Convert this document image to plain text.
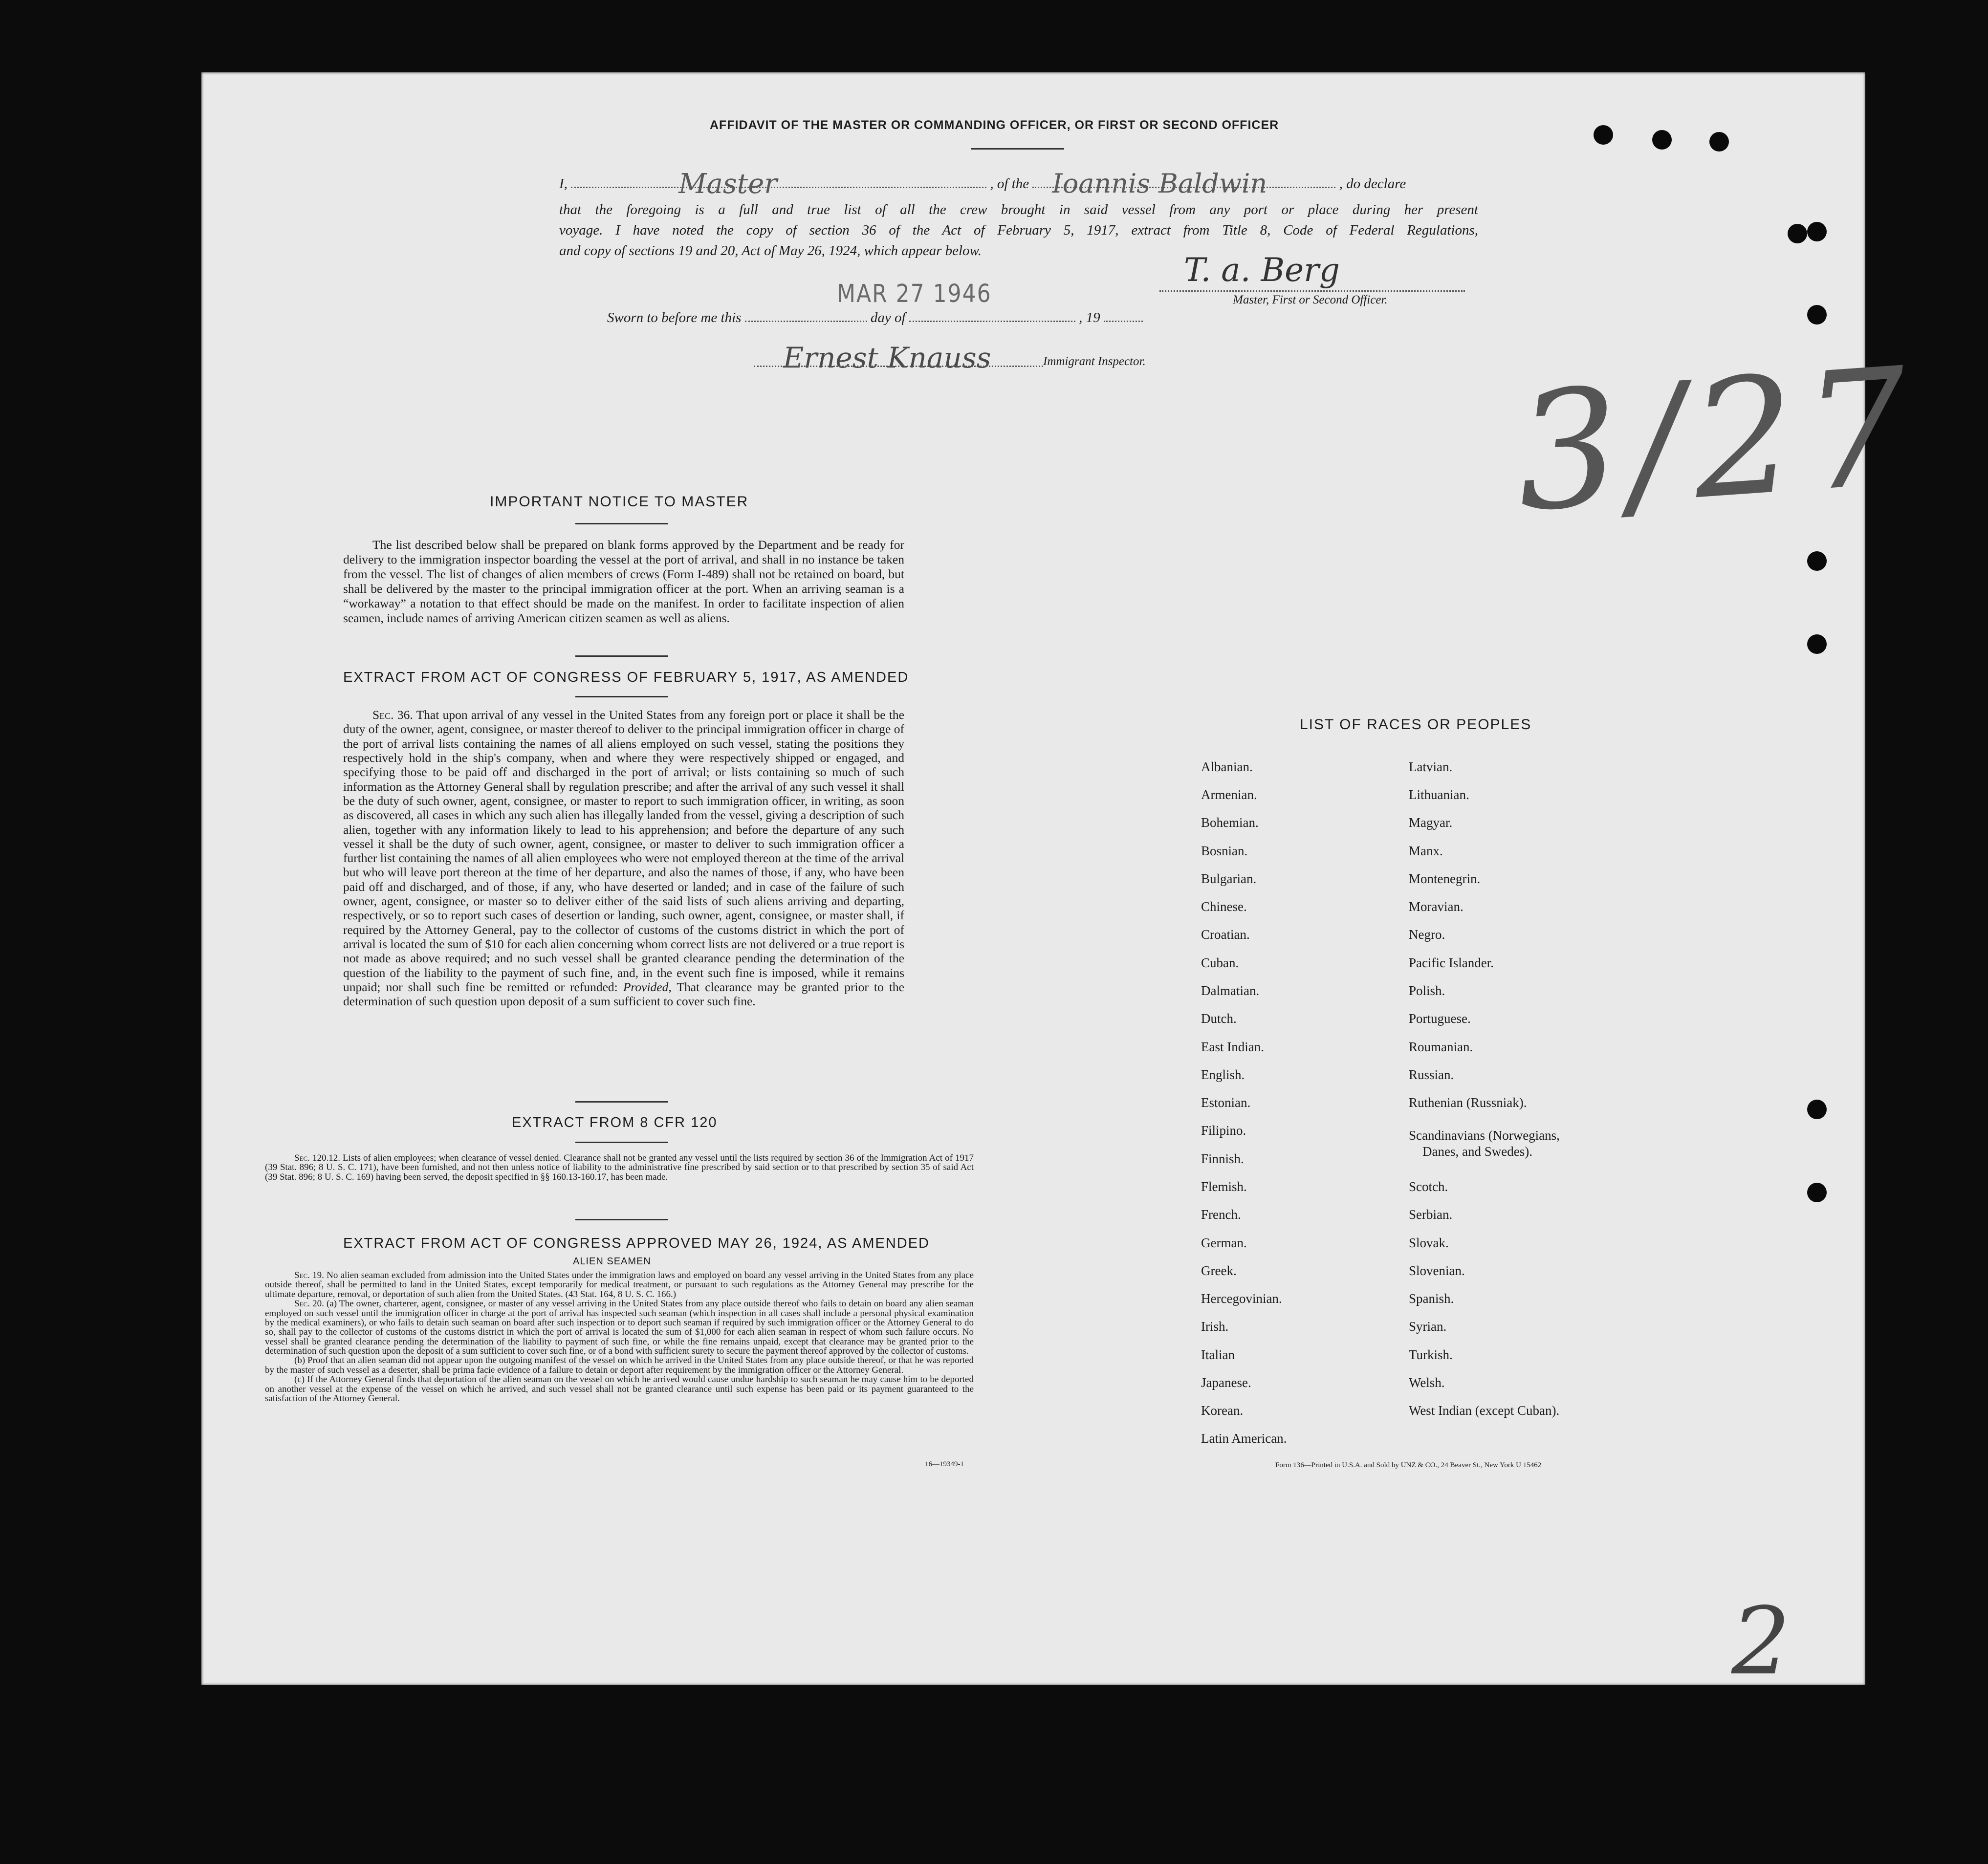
AFFIDAVIT OF THE MASTER OR COMMANDING OFFICER, OR FIRST OR SECOND OFFICER
I,	Master	, of the Ioannis Baldwin	, do declare
that the foregoing is a full and true list of all the crew brought in said vessel from any port or place during her present
voyage. I have noted the copy of section 36 of the Act of February 5, 1917, extract from Title 8, Code of Federal Regulations,
and copy of sections 19 and 20, Act of May 26, 1924, which appear below.
T. a. Berg
Master, First or Second Officer.
MAR 27 1946
Sworn to before me this	day of	, 19
Ernest Knauss	Immigrant Inspector. 3/27
IMPORTANT NOTICE TO MASTER
The list described below shall be prepared on blank forms approved by the Department and be ready for delivery to the immigration inspector boarding the vessel at the port of arrival, and shall in no instance be taken from the vessel. The list of changes of alien members of crews (Form I-489) shall not be retained on board, but shall be delivered by the master to the principal immigration officer at the port. When an arriving seaman is a “workaway” a notation to that effect should be made on the manifest. In order to facilitate inspection of alien seamen, include names of arriving American citizen seamen as well as aliens.
EXTRACT FROM ACT OF CONGRESS OF FEBRUARY 5, 1917, AS AMENDED
Sec. 36. That upon arrival of any vessel in the United States from any foreign port or place it shall be the duty of the owner, agent, consignee, or master thereof to deliver to the principal immigration officer in charge of the port of arrival lists containing the names of all aliens employed on such vessel, stating the positions they respectively hold in the ship's company, when and where they were respectively shipped or engaged, and specifying those to be paid off and discharged in the port of arrival; or lists containing so much of such information as the Attorney General shall by regulation prescribe; and after the arrival of any such vessel it shall be the duty of such owner, agent, consignee, or master to report to such immigration officer, in writing, as soon as discovered, all cases in which any such alien has illegally landed from the vessel, giving a description of such alien, together with any information likely to lead to his apprehension; and before the departure of any such vessel it shall be the duty of such owner, agent, consignee, or master to deliver to such immigration officer a further list containing the names of all alien employees who were not employed thereon at the time of the arrival but who will leave port thereon at the time of her departure, and also the names of those, if any, who have been paid off and discharged, and of those, if any, who have deserted or landed; and in case of the failure of such owner, agent, consignee, or master so to deliver either of the said lists of such aliens arriving and departing, respectively, or so to report such cases of desertion or landing, such owner, agent, consignee, or master shall, if required by the Attorney General, pay to the collector of customs of the customs district in which the port of arrival is located the sum of $10 for each alien concerning whom correct lists are not delivered or a true report is not made as above required; and no such vessel shall be granted clearance pending the determination of the question of the liability to the payment of such fine, and, in the event such fine is imposed, while it remains unpaid; nor shall such fine be remitted or refunded: Provided, That clearance may be granted prior to the determination of such question upon deposit of a sum sufficient to cover such fine.
EXTRACT FROM 8 CFR 120
Sec. 120.12. Lists of alien employees; when clearance of vessel denied. Clearance shall not be granted any vessel until the lists required by section 36 of the Immigration Act of 1917 (39 Stat. 896; 8 U. S. C. 171), have been furnished, and not then unless notice of liability to the administrative fine prescribed by said section or to that prescribed by section 35 of said Act (39 Stat. 896; 8 U. S. C. 169) having been served, the deposit specified in §§ 160.13-160.17, has been made.
EXTRACT FROM ACT OF CONGRESS APPROVED MAY 26, 1924, AS AMENDED
ALIEN SEAMEN
Sec. 19. No alien seaman excluded from admission into the United States under the immigration laws and employed on board any vessel arriving in the United States from any place outside thereof, shall be permitted to land in the United States, except temporarily for medical treatment, or pursuant to such regulations as the Attorney General may prescribe for the ultimate departure, removal, or deportation of such alien from the United States. (43 Stat. 164, 8 U. S. C. 166.)
Sec. 20. (a) The owner, charterer, agent, consignee, or master of any vessel arriving in the United States from any place outside thereof who fails to detain on board any alien seaman employed on such vessel until the immigration officer in charge at the port of arrival has inspected such seaman (which inspection in all cases shall include a personal physical examination by the medical examiners), or who fails to detain such seaman on board after such inspection or to deport such seaman if required by such immigration officer or the Attorney General to do so, shall pay to the collector of customs of the customs district in which the port of arrival is located the sum of $1,000 for each alien seaman in respect of whom such failure occurs. No vessel shall be granted clearance pending the determination of the liability to payment of such fine, or while the fine remains unpaid, except that clearance may be granted prior to the determination of such question upon the deposit of a sum sufficient to cover such fine, or of a bond with sufficient surety to secure the payment thereof approved by the collector of customs.
(b) Proof that an alien seaman did not appear upon the outgoing manifest of the vessel on which he arrived in the United States from any place outside thereof, or that he was reported by the master of such vessel as a deserter, shall be prima facie evidence of a failure to detain or deport after requirement by the immigration officer or the Attorney General.
(c) If the Attorney General finds that deportation of the alien seaman on the vessel on which he arrived would cause undue hardship to such seaman he may cause him to be deported on another vessel at the expense of the vessel on which he arrived, and such vessel shall not be granted clearance until such expense has been paid or its payment guaranteed to the satisfaction of the Attorney General.
16—19349-1
LIST OF RACES OR PEOPLES
Albanian.
Armenian.
Bohemian.
Bosnian.
Bulgarian.
Chinese.
Croatian.
Cuban.
Dalmatian.
Dutch.
East Indian.
English.
Estonian.
Filipino.
Finnish.
Flemish.
French.
German.
Greek.
Hercegovinian.
Irish.
Italian
Japanese.
Korean.
Latin American.
Latvian.
Lithuanian.
Magyar.
Manx.
Montenegrin.
Moravian.
Negro.
Pacific Islander.
Polish.
Portuguese.
Roumanian.
Russian.
Ruthenian (Russniak).
Scandinavians (Norwegians,
Danes, and Swedes).
Scotch.
Serbian.
Slovak.
Slovenian.
Spanish.
Syrian.
Turkish.
Welsh.
West Indian (except Cuban).
Form 136—Printed in U.S.A. and Sold by UNZ & CO., 24 Beaver St., New York U 15462
2
